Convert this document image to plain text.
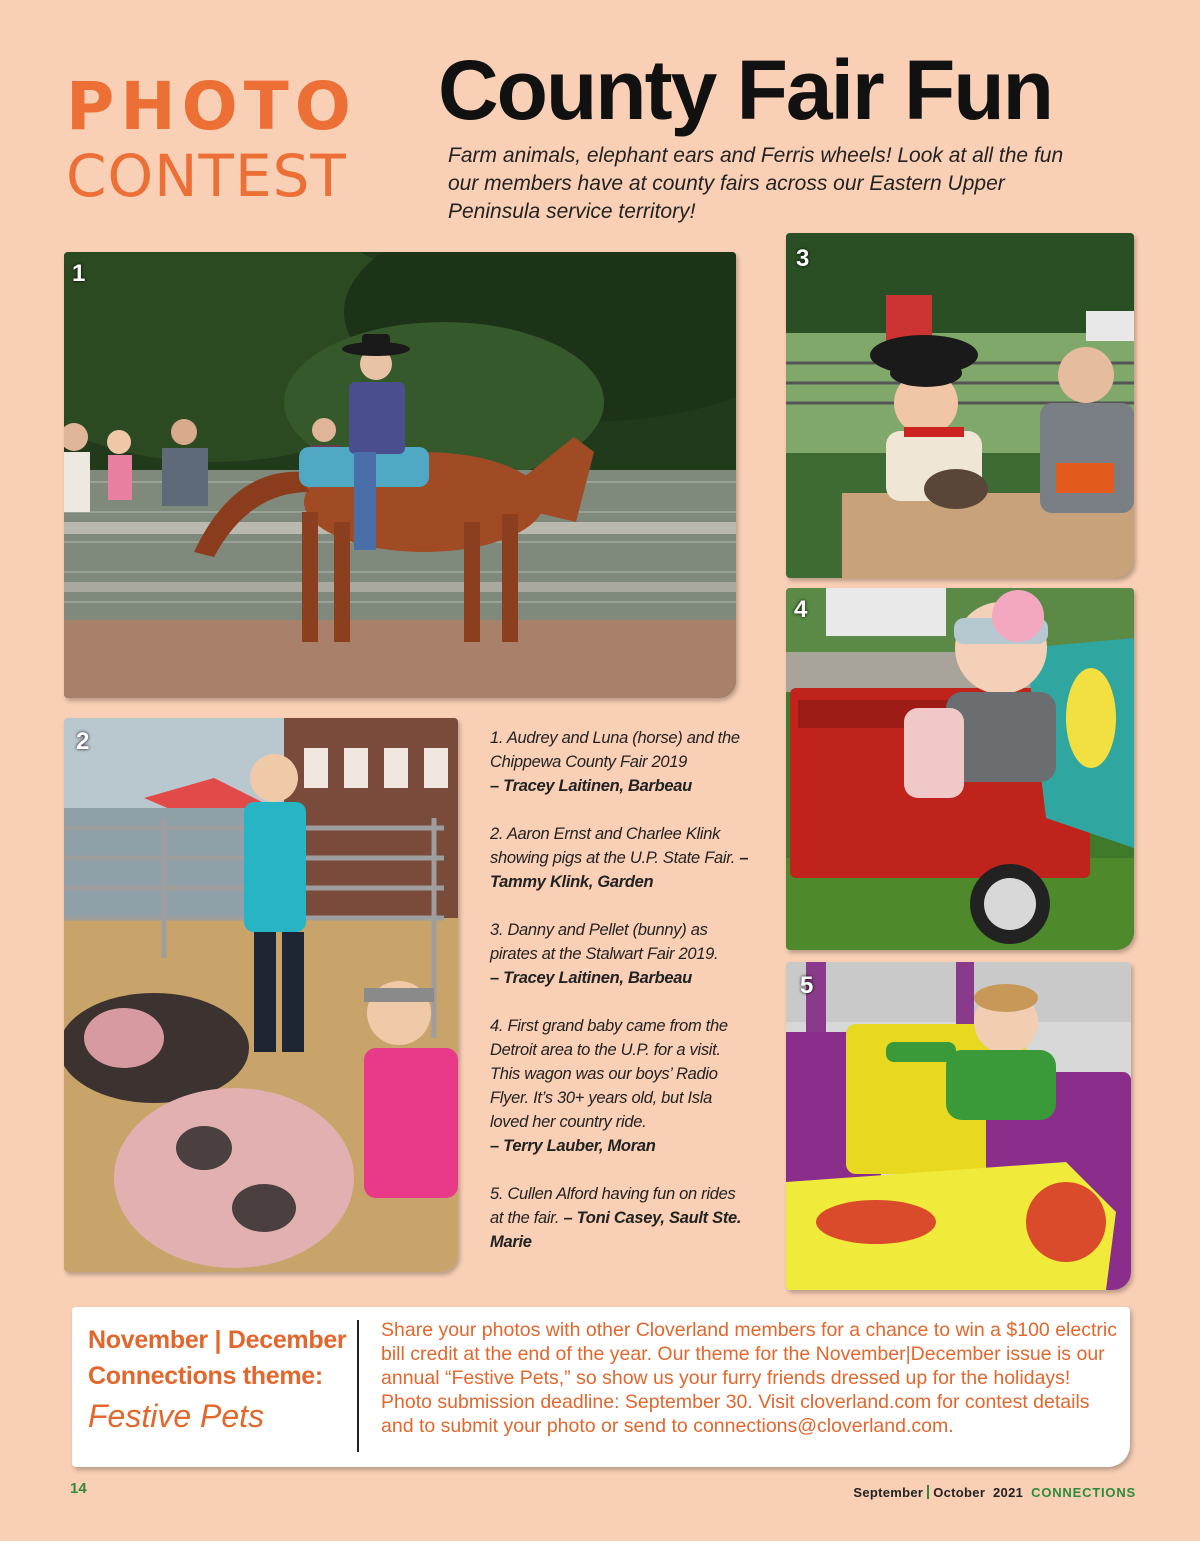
PHOTO
CONTEST
County Fair Fun
Farm animals, elephant ears and Ferris wheels! Look at all the fun our members have at county fairs across our Eastern Upper Peninsula service territory!
1
2
3
4
5

1. Audrey and Luna (horse) and the Chippewa County Fair 2019
– Tracey Laitinen, Barbeau

2. Aaron Ernst and Charlee Klink showing pigs at the U.P. State Fair. – Tammy Klink, Garden

3. Danny and Pellet (bunny) as pirates at the Stalwart Fair 2019.
– Tracey Laitinen, Barbeau

4. First grand baby came from the Detroit area to the U.P. for a visit. This wagon was our boys’ Radio Flyer. It’s 30+ years old, but Isla loved her country ride.
– Terry Lauber, Moran

5. Cullen Alford having fun on rides at the fair. – Toni Casey, Sault Ste. Marie

November | December
Connections theme:
Festive Pets
Share your photos with other Cloverland members for a chance to win a $100 electric bill credit at the end of the year. Our theme for the November|December issue is our annual “Festive Pets,” so show us your furry friends dressed up for the holidays! Photo submission deadline: September 30. Visit cloverland.com for contest details and to submit your photo or send to connections@cloverland.com.
14	September October 2021 CONNECTIONS
